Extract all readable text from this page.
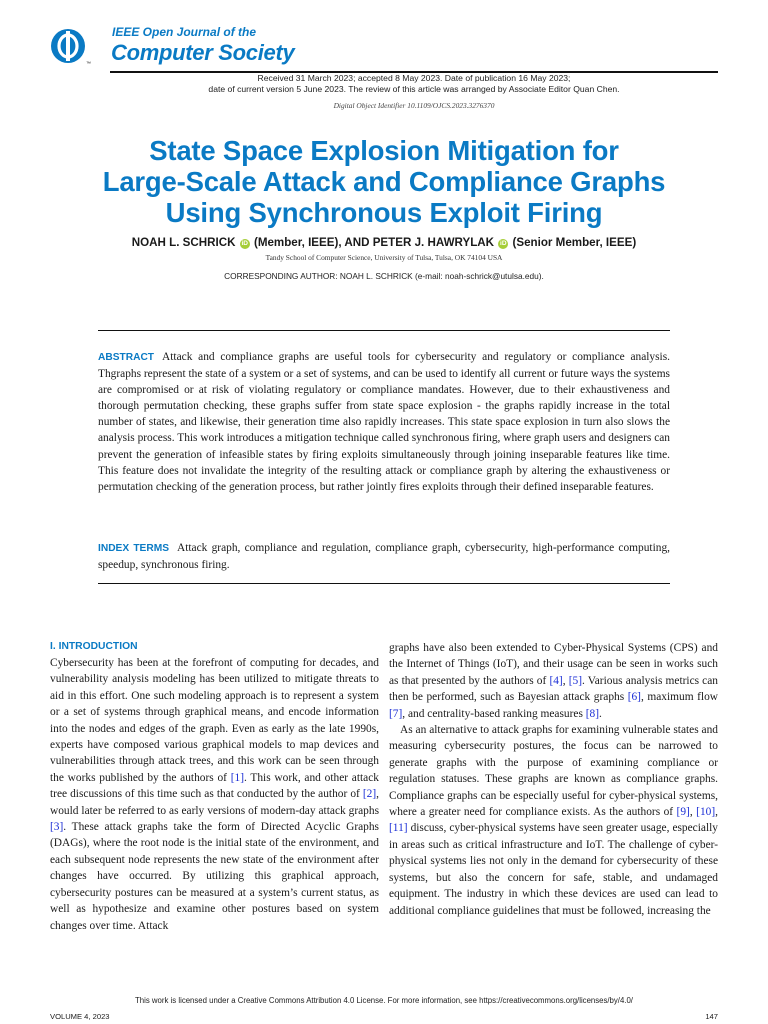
™
IEEE Open Journal of the
Computer Society
Received 31 March 2023; accepted 8 May 2023. Date of publication 16 May 2023;
date of current version 5 June 2023. The review of this article was arranged by Associate Editor Quan Chen.
Digital Object Identifier 10.1109/OJCS.2023.3276370
State Space Explosion Mitigation for
Large-Scale Attack and Compliance Graphs
Using Synchronous Exploit Firing
NOAH L. SCHRICK iD (Member, IEEE), AND PETER J. HAWRYLAK iD (Senior Member, IEEE)
Tandy School of Computer Science, University of Tulsa, Tulsa, OK 74104 USA
CORRESPONDING AUTHOR: NOAH L. SCHRICK (e-mail: noah-schrick@utulsa.edu).
ABSTRACT Attack and compliance graphs are useful tools for cybersecurity and regulatory or compliance analysis. Thgraphs represent the state of a system or a set of systems, and can be used to identify all current or future ways the systems are compromised or at risk of violating regulatory or compliance mandates. However, due to their exhaustiveness and thorough permutation checking, these graphs suffer from state space explosion - the graphs rapidly increase in the total number of states, and likewise, their generation time also rapidly increases. This state space explosion in turn also slows the analysis process. This work introduces a mitigation technique called synchronous firing, where graph users and designers can prevent the generation of infeasible states by firing exploits simultaneously through joining inseparable features like time. This feature does not invalidate the integrity of the resulting attack or compliance graph by altering the exhaustiveness or permutation checking of the generation process, but rather jointly fires exploits through their defined inseparable features.
INDEX TERMS Attack graph, compliance and regulation, compliance graph, cybersecurity, high-performance computing, speedup, synchronous firing.
I. INTRODUCTION

Cybersecurity has been at the forefront of computing for decades, and vulnerability analysis modeling has been utilized to mitigate threats to aid in this effort. One such modeling approach is to represent a system or a set of systems through graphical means, and encode information into the nodes and edges of the graph. Even as early as the late 1990s, experts have composed various graphical models to map devices and vulnerabilities through attack trees, and this work can be seen through the works published by the authors of [1]. This work, and other attack tree discussions of this time such as that conducted by the author of [2], would later be referred to as early versions of modern-day attack graphs [3]. These attack graphs take the form of Directed Acyclic Graphs (DAGs), where the root node is the initial state of the environment, and each subsequent node represents the new state of the environment after changes have occurred. By utilizing this graphical approach, cybersecurity postures can be measured at a system’s current status, as well as hypothesize and examine other postures based on system changes over time. Attack

graphs have also been extended to Cyber-Physical Systems (CPS) and the Internet of Things (IoT), and their usage can be seen in works such as that presented by the authors of [4], [5]. Various analysis metrics can then be performed, such as Bayesian attack graphs [6], maximum flow [7], and centrality-based ranking measures [8].

As an alternative to attack graphs for examining vulnerable states and measuring cybersecurity postures, the focus can be narrowed to generate graphs with the purpose of examining compliance or regulation statuses. These graphs are known as compliance graphs. Compliance graphs can be especially useful for cyber-physical systems, where a greater need for compliance exists. As the authors of [9], [10], [11] discuss, cyber-physical systems have seen greater usage, especially in areas such as critical infrastructure and IoT. The challenge of cyber-physical systems lies not only in the demand for cybersecurity of these systems, but also the concern for safe, stable, and undamaged equipment. The industry in which these devices are used can lead to additional compliance guidelines that must be followed, increasing the

This work is licensed under a Creative Commons Attribution 4.0 License. For more information, see https://creativecommons.org/licenses/by/4.0/
VOLUME 4, 2023	147
